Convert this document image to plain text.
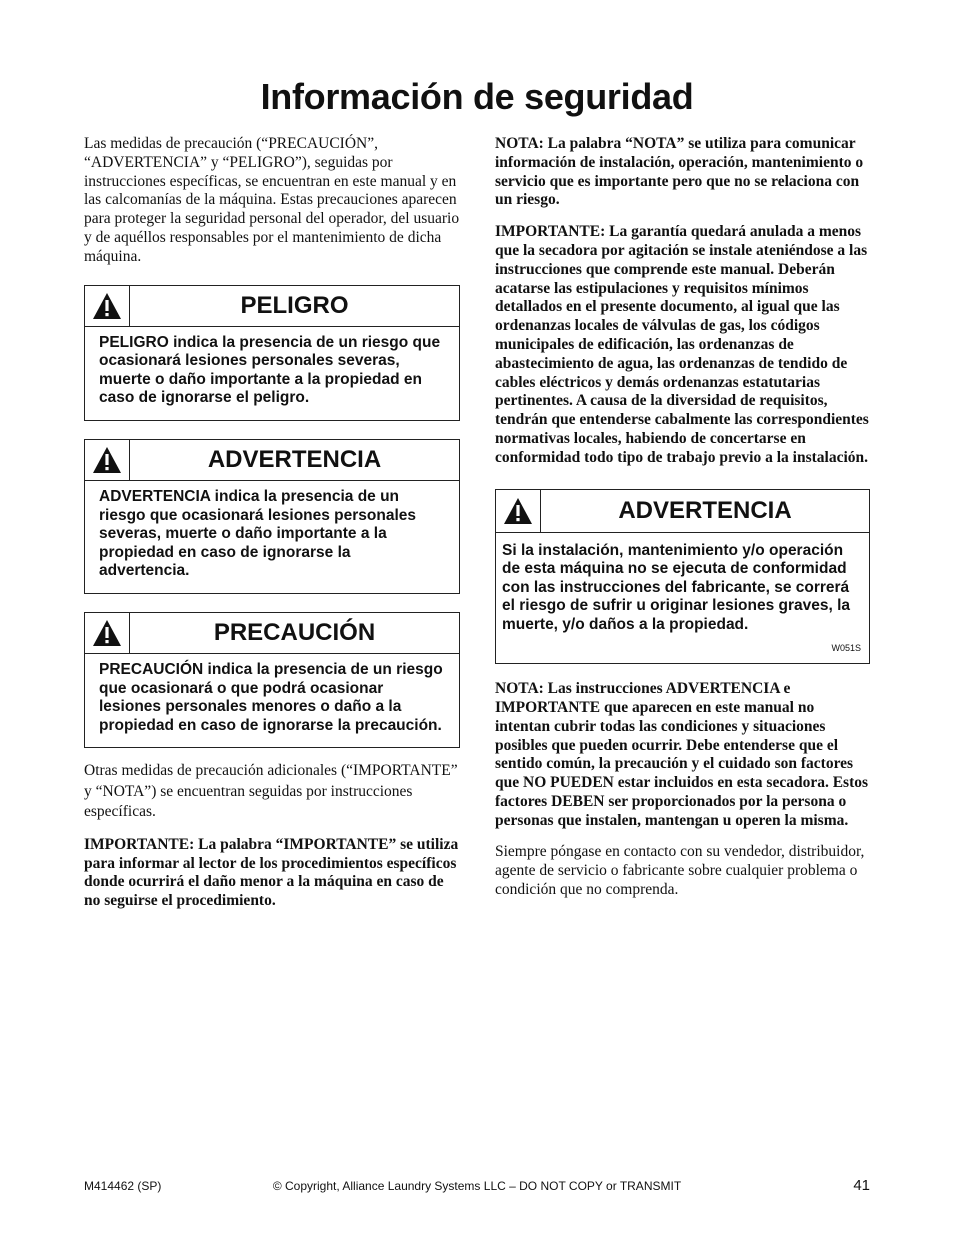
Información de seguridad

Las medidas de precaución (“PRECAUCIÓN”, “ADVERTENCIA” y “PELIGRO”), seguidas por instrucciones específicas, se encuentran en este manual y en las calcomanías de la máquina. Estas precauciones aparecen para proteger la seguridad personal del operador, del usuario y de aquéllos responsables por el mantenimiento de dicha máquina.

PELIGRO
PELIGRO indica la presencia de un riesgo que ocasionará lesiones personales severas, muerte o daño importante a la propiedad en caso de ignorarse el peligro.
ADVERTENCIA
ADVERTENCIA indica la presencia de un riesgo que ocasionará lesiones personales severas, muerte o daño importante a la propiedad en caso de ignorarse la advertencia.
PRECAUCIÓN
PRECAUCIÓN indica la presencia de un riesgo que ocasionará o que podrá ocasionar lesiones personales menores o daño a la propiedad en caso de ignorarse la precaución.

Otras medidas de precaución adicionales (“IMPORTANTE” y “NOTA”) se encuentran seguidas por instrucciones específicas.

IMPORTANTE: La palabra “IMPORTANTE” se utiliza para informar al lector de los procedimientos específicos donde ocurrirá el daño menor a la máquina en caso de no seguirse el procedimiento.

NOTA: La palabra “NOTA” se utiliza para comunicar información de instalación, operación, mantenimiento o servicio que es importante pero que no se relaciona con un riesgo.

IMPORTANTE: La garantía quedará anulada a menos que la secadora por agitación se instale ateniéndose a las instrucciones que comprende este manual. Deberán acatarse las estipulaciones y requisitos mínimos detallados en el presente documento, al igual que las ordenanzas locales de válvulas de gas, los códigos municipales de edificación, las ordenanzas de abastecimiento de agua, las ordenanzas de tendido de cables eléctricos y demás ordenanzas estatutarias pertinentes. A causa de la diversidad de requisitos, tendrán que entenderse cabalmente las correspondientes normativas locales, habiendo de concertarse en conformidad todo tipo de trabajo previo a la instalación.

ADVERTENCIA
Si la instalación, mantenimiento y/o operación de esta máquina no se ejecuta de conformidad con las instrucciones del fabricante, se correrá el riesgo de sufrir u originar lesiones graves, la muerte, y/o daños a la propiedad.
W051S

NOTA: Las instrucciones ADVERTENCIA e IMPORTANTE que aparecen en este manual no intentan cubrir todas las condiciones y situaciones posibles que pueden ocurrir. Debe entenderse que el sentido común, la precaución y el cuidado son factores que NO PUEDEN estar incluidos en esta secadora. Estos factores DEBEN ser proporcionados por la persona o personas que instalen, mantengan u operen la misma.

Siempre póngase en contacto con su vendedor, distribuidor, agente de servicio o fabricante sobre cualquier problema o condición que no comprenda.

M414462 (SP)	© Copyright, Alliance Laundry Systems LLC – DO NOT COPY or TRANSMIT	41
